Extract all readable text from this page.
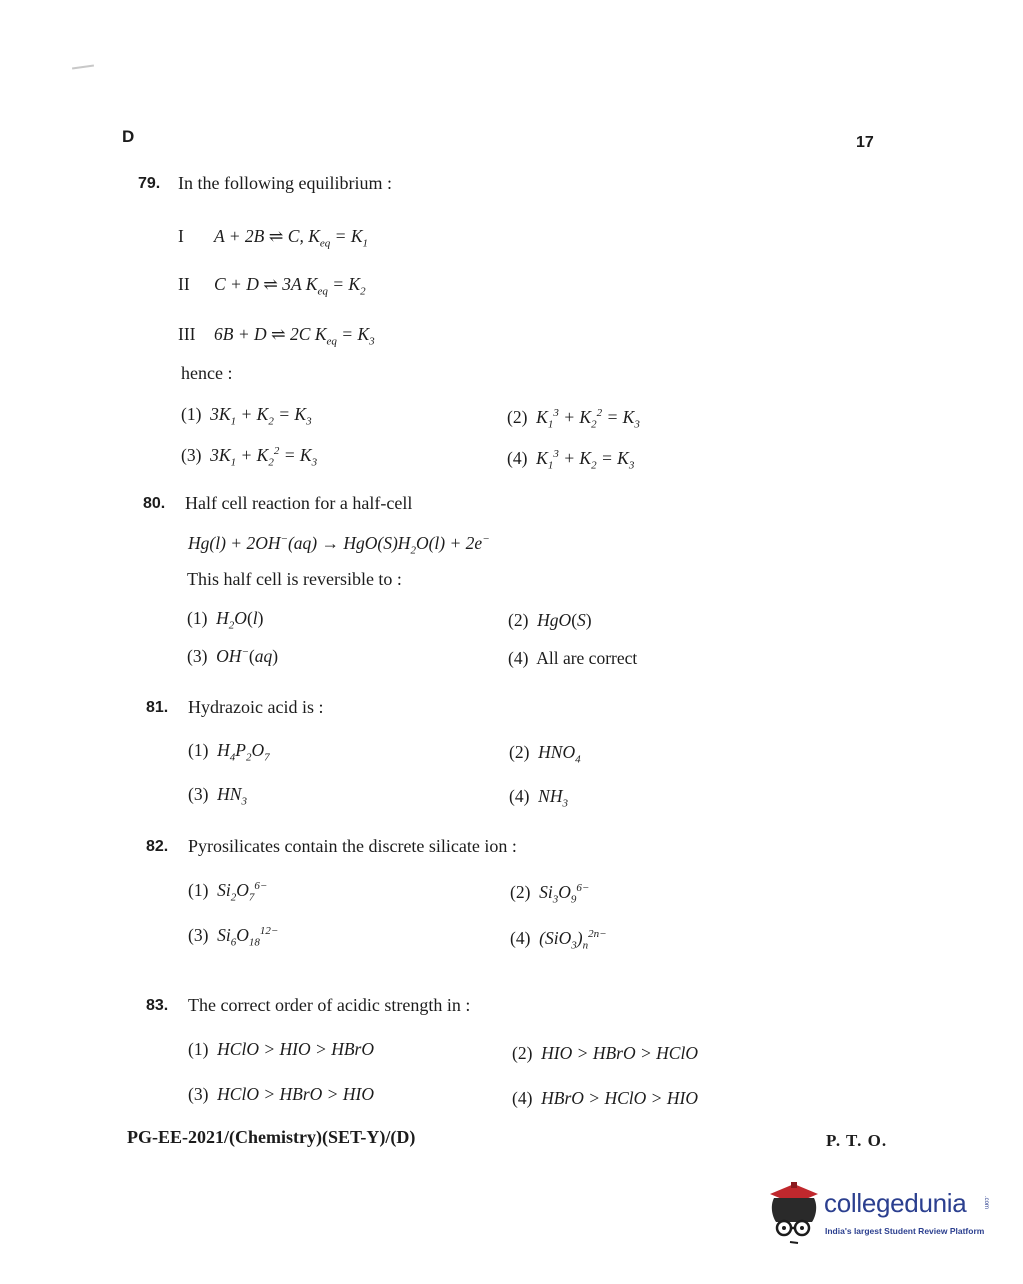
D	17
79. In the following equilibrium :
I A + 2B ⇌ C, $K_{eq} = K_1$
II C + D ⇌ 3A $K_{eq} = K_2$
III 6B + D ⇌ 2C $K_{eq} = K_3$
hence :
(1) $3K_1 + K_2 = K_3$	(2) $K_1^3 + K_2^2 = K_3$
(3) $3K_1 + K_2^2 = K_3$	(4) $K_1^3 + K_2 = K_3$
80. Half cell reaction for a half-cell
$Hg(l) + 2OH^-(aq) \to HgO(S)H_2O(l) + 2e^-$
This half cell is reversible to :
(1) $H_2O(l)$	(2) HgO(S)
(3) OH−(aq)	(4) All are correct
81. Hydrazoic acid is :
(1) $H_4P_2O_7$	(2) $HNO_4$
(3) $HN_3$	(4) $NH_3$
82. Pyrosilicates contain the discrete silicate ion :
(1) $Si_2O_7^{6-}$	(2) $Si_3O_9^{6-}$
(3) $Si_6O_{18}^{12-}$	(4) $(SiO_3)_n^{2n-}$
83. The correct order of acidic strength in :
(1) HClO > HIO > HBrO	(2) HIO > HBrO > HClO
(3) HClO > HBrO > HIO	(4) HBrO > HClO > HIO
PG-EE-2021/(Chemistry)(SET-Y)/(D)	P. T. O.
collegedunia	.com
India's largest Student Review Platform
